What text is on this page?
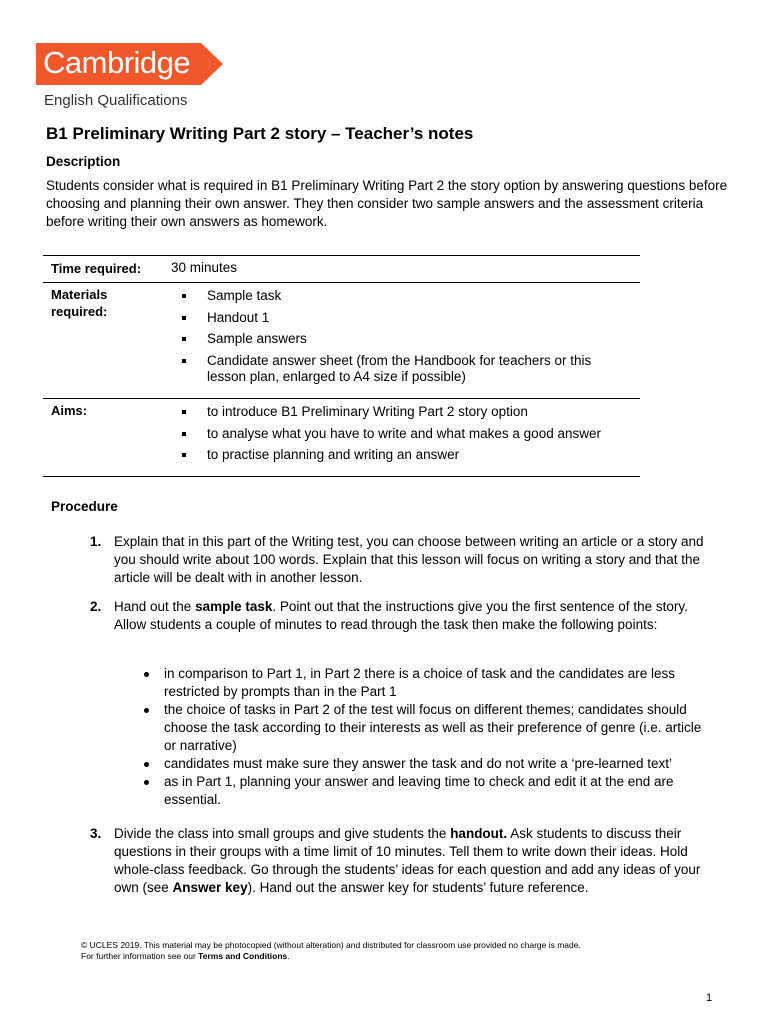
Cambridge
English Qualifications
B1 Preliminary Writing Part 2 story – Teacher’s notes
Description
Students consider what is required in B1 Preliminary Writing Part 2 the story option by answering questions before choosing and planning their own answer. They then consider two sample answers and the assessment criteria before writing their own answers as homework.
Time required: 30 minutes
Materials
required:
Sample task
Handout 1
Sample answers
Candidate answer sheet (from the Handbook for teachers or this lesson plan, enlarged to A4 size if possible)
Aims:	to introduce B1 Preliminary Writing Part 2 story option
to analyse what you have to write and what makes a good answer
to practise planning and writing an answer
Procedure
1. Explain that in this part of the Writing test, you can choose between writing an article or a story and you should write about 100 words. Explain that this lesson will focus on writing a story and that the article will be dealt with in another lesson.
2. Hand out the sample task. Point out that the instructions give you the first sentence of the story. Allow students a couple of minutes to read through the task then make the following points:
in comparison to Part 1, in Part 2 there is a choice of task and the candidates are less restricted by prompts than in the Part 1
the choice of tasks in Part 2 of the test will focus on different themes; candidates should choose the task according to their interests as well as their preference of genre (i.e. article or narrative)
candidates must make sure they answer the task and do not write a ‘pre-learned text’
as in Part 1, planning your answer and leaving time to check and edit it at the end are essential.
3. Divide the class into small groups and give students the handout. Ask students to discuss their questions in their groups with a time limit of 10 minutes. Tell them to write down their ideas. Hold whole-class feedback. Go through the students’ ideas for each question and add any ideas of your own (see Answer key). Hand out the answer key for students’ future reference.
© UCLES 2019. This material may be photocopied (without alteration) and distributed for classroom use provided no charge is made.
For further information see our Terms and Conditions.
1
